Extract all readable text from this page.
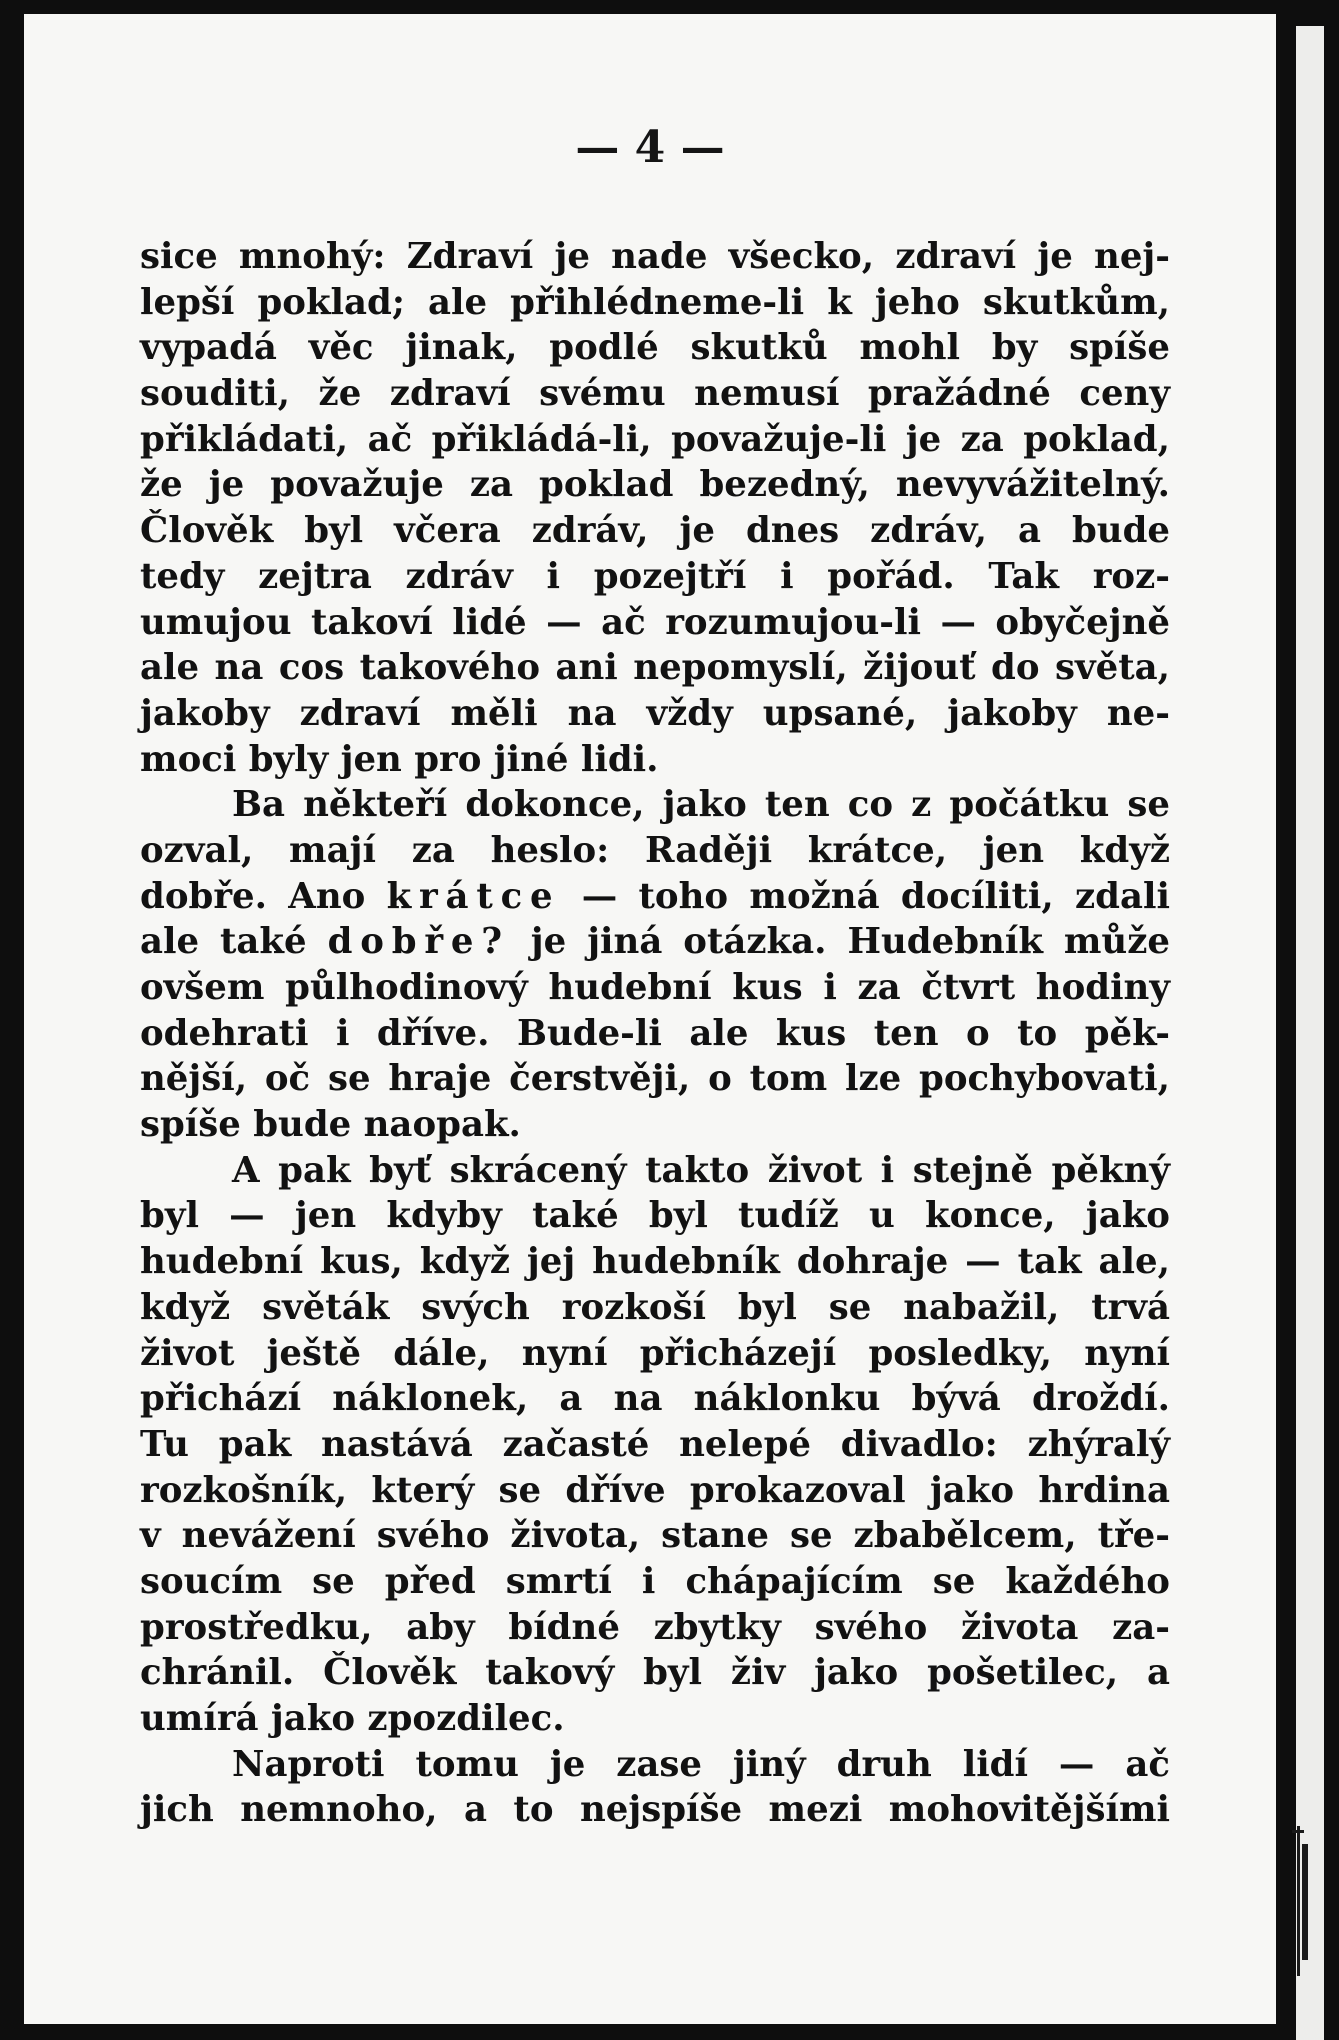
— 4 —
sice mnohý: Zdraví je nade všecko, zdraví je nej-
lepší poklad; ale přihlédneme-li k jeho skutkům,
vypadá věc jinak, podlé skutků mohl by spíše
souditi, že zdraví svému nemusí pražádné ceny
přikládati, ač přikládá-li, považuje-li je za poklad,
že je považuje za poklad bezedný, nevyvážitelný.
Člověk byl včera zdráv, je dnes zdráv, a bude
tedy zejtra zdráv i pozejtří i pořád. Tak roz-
umujou takoví lidé — ač rozumujou-li — obyčejně
ale na cos takového ani nepomyslí, žijouť do světa,
jakoby zdraví měli na vždy upsané, jakoby ne-
moci byly jen pro jiné lidi.
Ba někteří dokonce, jako ten co z počátku se
ozval, mají za heslo: Raději krátce, jen když
dobře. Ano krátce — toho možná docíliti, zdali
ale také dobře? je jiná otázka. Hudebník může
ovšem půlhodinový hudební kus i za čtvrt hodiny
odehrati i dříve. Bude-li ale kus ten o to pěk-
nější, oč se hraje čerstvěji, o tom lze pochybovati,
spíše bude naopak.
A pak byť skrácený takto život i stejně pěkný
byl — jen kdyby také byl tudíž u konce, jako
hudební kus, když jej hudebník dohraje — tak ale,
když světák svých rozkoší byl se nabažil, trvá
život ještě dále, nyní přicházejí posledky, nyní
přichází náklonek, a na náklonku bývá droždí.
Tu pak nastává začasté nelepé divadlo: zhýralý
rozkošník, který se dříve prokazoval jako hrdina
v nevážení svého života, stane se zbabělcem, tře-
soucím se před smrtí i chápajícím se každého
prostředku, aby bídné zbytky svého života za-
chránil. Člověk takový byl živ jako pošetilec, a
umírá jako zpozdilec.
Naproti tomu je zase jiný druh lidí — ač
jich nemnoho, a to nejspíše mezi mohovitějšími
